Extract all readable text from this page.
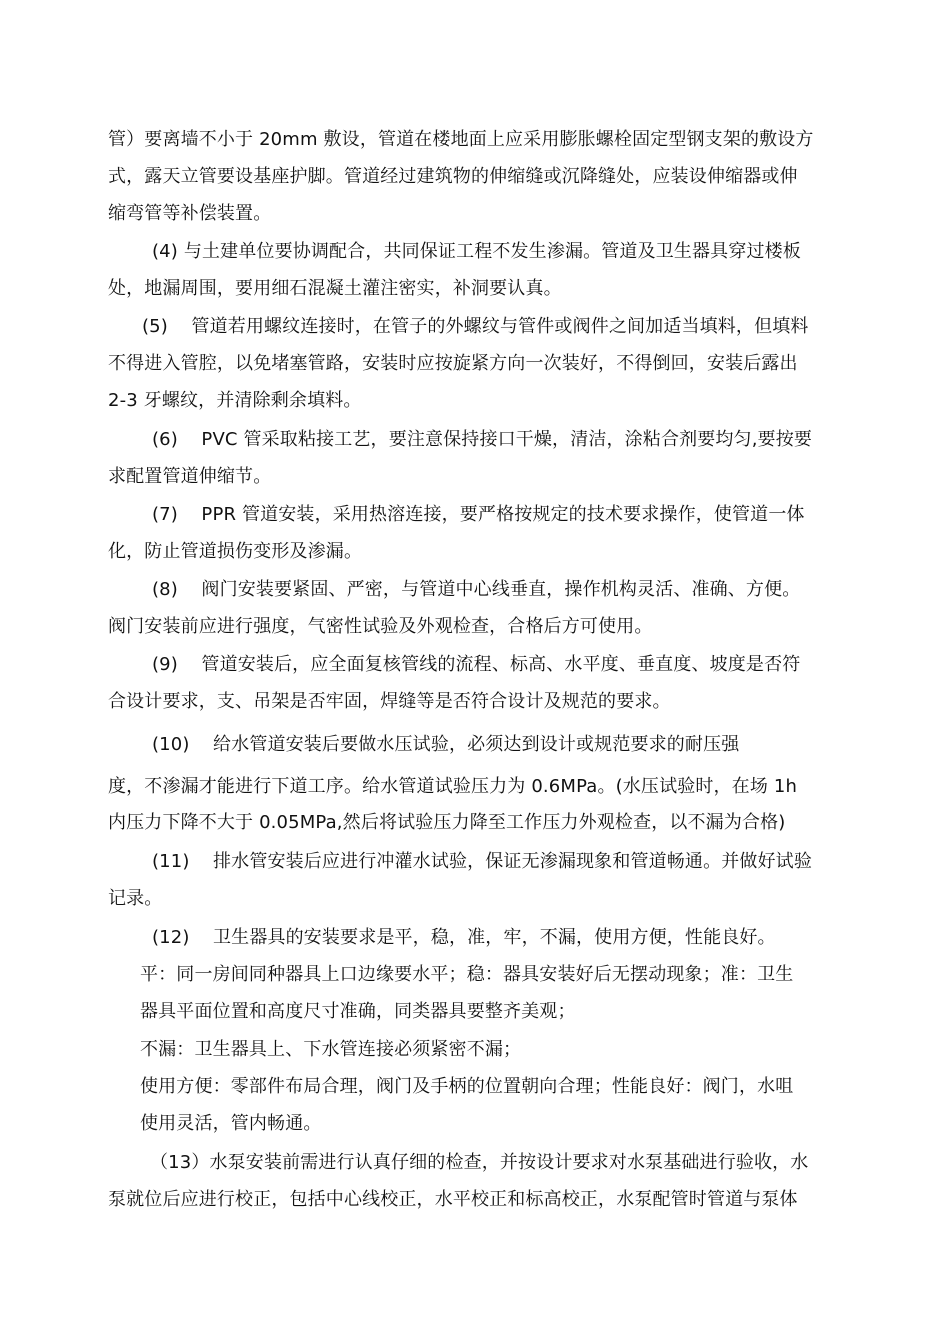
管）要离墙不小于 20mm 敷设，管道在楼地面上应采用膨胀螺栓固定型钢支架的敷设方
式，露天立管要设基座护脚。管道经过建筑物的伸缩缝或沉降缝处，应装设伸缩器或伸
缩弯管等补偿装置。
(4) 与土建单位要协调配合，共同保证工程不发生渗漏。管道及卫生器具穿过楼板
处，地漏周围，要用细石混凝土灌注密实，补洞要认真。
(5)    管道若用螺纹连接时，在管子的外螺纹与管件或阀件之间加适当填料，但填料
不得进入管腔，以免堵塞管路，安装时应按旋紧方向一次装好，不得倒回，安装后露出
2-3 牙螺纹，并清除剩余填料。
(6)    PVC 管采取粘接工艺，要注意保持接口干燥，清洁，涂粘合剂要均匀,要按要
求配置管道伸缩节。
(7)    PPR 管道安装，采用热溶连接，要严格按规定的技术要求操作，使管道一体
化，防止管道损伤变形及渗漏。
(8)    阀门安装要紧固、严密，与管道中心线垂直，操作机构灵活、准确、方便。
阀门安装前应进行强度，气密性试验及外观检查，合格后方可使用。
(9)    管道安装后，应全面复核管线的流程、标高、水平度、垂直度、坡度是否符
合设计要求，支、吊架是否牢固，焊缝等是否符合设计及规范的要求。
(10)    给水管道安装后要做水压试验，必须达到设计或规范要求的耐压强
度，不渗漏才能进行下道工序。给水管道试验压力为 0.6MPa。(水压试验时，在场 1h
内压力下降不大于 0.05MPa,然后将试验压力降至工作压力外观检查，以不漏为合格)
(11)    排水管安装后应进行冲灌水试验，保证无渗漏现象和管道畅通。并做好试验
记录。
(12)    卫生器具的安装要求是平，稳，准，牢，不漏，使用方便，性能良好。
平：同一房间同种器具上口边缘要水平；稳：器具安装好后无摆动现象；准：卫生
器具平面位置和高度尺寸准确，同类器具要整齐美观；
不漏：卫生器具上、下水管连接必须紧密不漏；
使用方便：零部件布局合理，阀门及手柄的位置朝向合理；性能良好：阀门，水咀
使用灵活，管内畅通。
（13）水泵安装前需进行认真仔细的检查，并按设计要求对水泵基础进行验收，水
泵就位后应进行校正，包括中心线校正，水平校正和标高校正，水泵配管时管道与泵体
